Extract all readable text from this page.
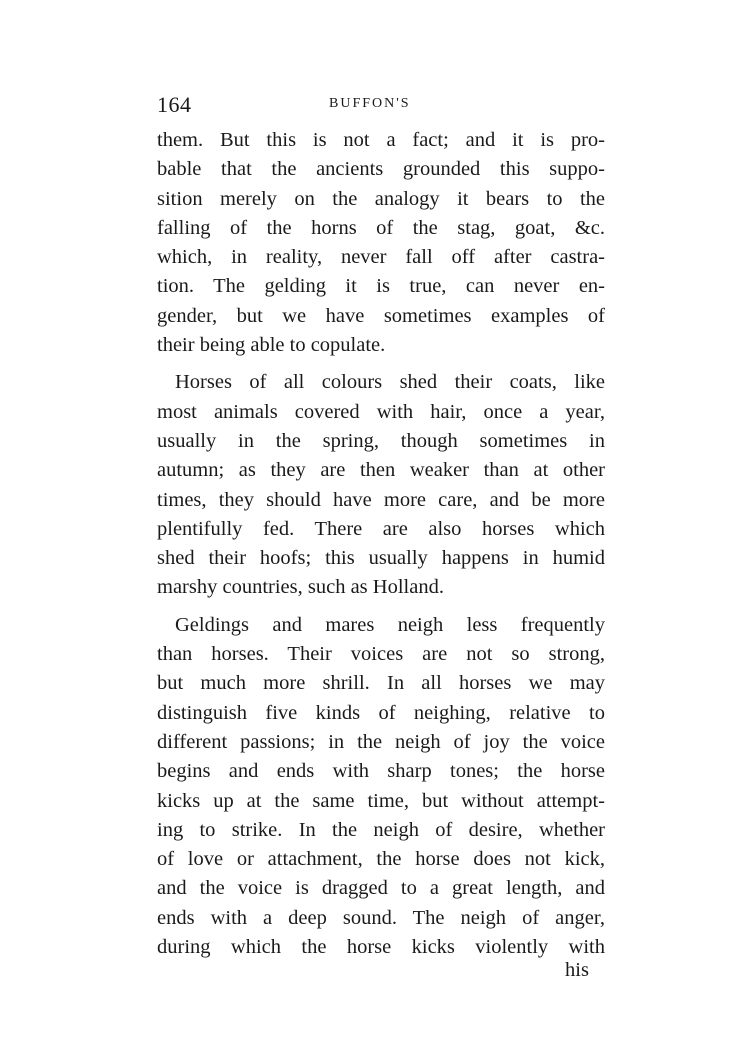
164	BUFFON'S
them. But this is not a fact; and it is pro-
bable that the ancients grounded this suppo-
sition merely on the analogy it bears to the
falling of the horns of the stag, goat, &c.
which, in reality, never fall off after castra-
tion. The gelding it is true, can never en-
gender, but we have sometimes examples of
their being able to copulate.
Horses of all colours shed their coats, like
most animals covered with hair, once a year,
usually in the spring, though sometimes in
autumn; as they are then weaker than at other
times, they should have more care, and be more
plentifully fed. There are also horses which
shed their hoofs; this usually happens in humid
marshy countries, such as Holland.
Geldings and mares neigh less frequently
than horses. Their voices are not so strong,
but much more shrill. In all horses we may
distinguish five kinds of neighing, relative to
different passions; in the neigh of joy the voice
begins and ends with sharp tones; the horse
kicks up at the same time, but without attempt-
ing to strike. In the neigh of desire, whether
of love or attachment, the horse does not kick,
and the voice is dragged to a great length, and
ends with a deep sound. The neigh of anger,
during which the horse kicks violently with
his
